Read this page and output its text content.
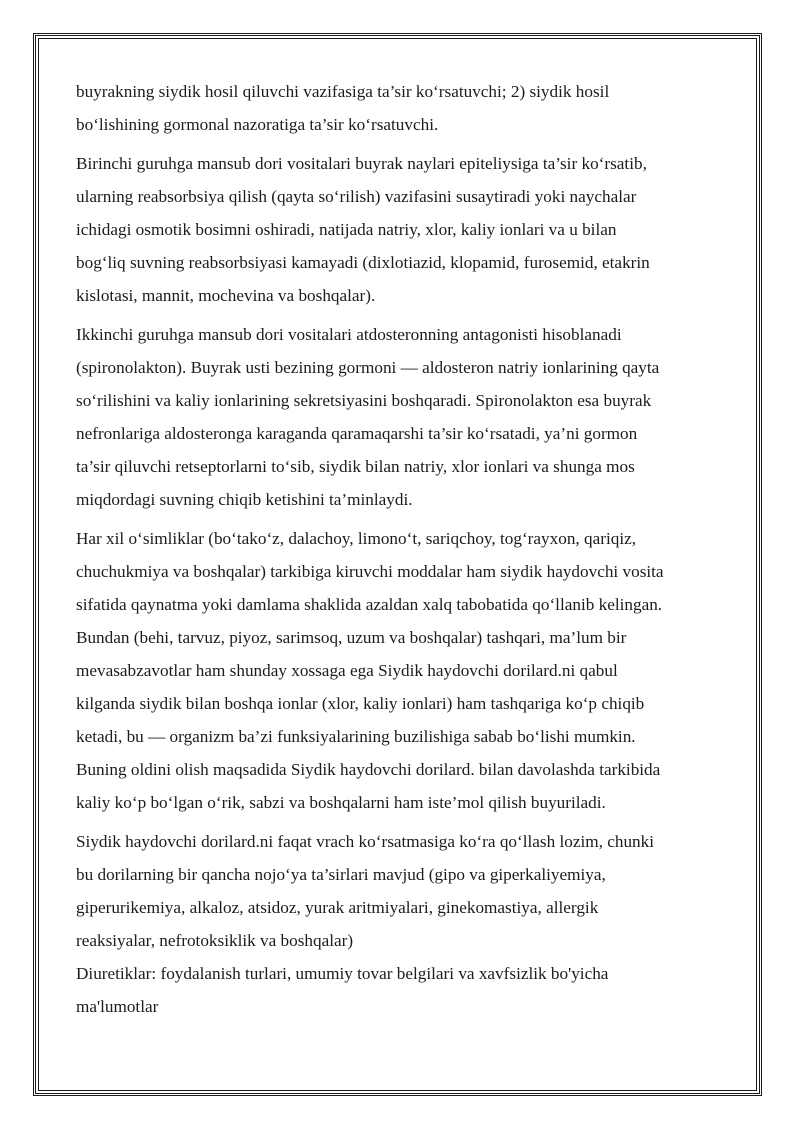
buyrakning siydik hosil qiluvchi vazifasiga ta’sir ko‘rsatuvchi; 2) siydik hosil
bo‘lishining gormonal nazoratiga ta’sir ko‘rsatuvchi.

Birinchi guruhga mansub dori vositalari buyrak naylari epiteliysiga ta’sir ko‘rsatib,
ularning reabsorbsiya qilish (qayta so‘rilish) vazifasini susaytiradi yoki naychalar
ichidagi osmotik bosimni oshiradi, natijada natriy, xlor, kaliy ionlari va u bilan
bog‘liq suvning reabsorbsiyasi kamayadi (dixlotiazid, klopamid, furosemid, etakrin
kislotasi, mannit, mochevina va boshqalar).

Ikkinchi guruhga mansub dori vositalari atdosteronning antagonisti hisoblanadi
(spironolakton). Buyrak usti bezining gormoni — aldosteron natriy ionlarining qayta
so‘rilishini va kaliy ionlarining sekretsiyasini boshqaradi. Spironolakton esa buyrak
nefronlariga aldosteronga karaganda qaramaqarshi ta’sir ko‘rsatadi, ya’ni gormon
ta’sir qiluvchi retseptorlarni to‘sib, siydik bilan natriy, xlor ionlari va shunga mos
miqdordagi suvning chiqib ketishini ta’minlaydi.

Har xil o‘simliklar (bo‘tako‘z, dalachoy, limono‘t, sariqchoy, tog‘rayxon, qariqiz,
chuchukmiya va boshqalar) tarkibiga kiruvchi moddalar ham siydik haydovchi vosita
sifatida qaynatma yoki damlama shaklida azaldan xalq tabobatida qo‘llanib kelingan.
Bundan (behi, tarvuz, piyoz, sarimsoq, uzum va boshqalar) tashqari, ma’lum bir
mevasabzavotlar ham shunday xossaga ega Siydik haydovchi dorilard.ni qabul
kilganda siydik bilan boshqa ionlar (xlor, kaliy ionlari) ham tashqariga ko‘p chiqib
ketadi, bu — organizm ba’zi funksiyalarining buzilishiga sabab bo‘lishi mumkin.
Buning oldini olish maqsadida Siydik haydovchi dorilard. bilan davolashda tarkibida
kaliy ko‘p bo‘lgan o‘rik, sabzi va boshqalarni ham iste’mol qilish buyuriladi.

Siydik haydovchi dorilard.ni faqat vrach ko‘rsatmasiga ko‘ra qo‘llash lozim, chunki
bu dorilarning bir qancha nojo‘ya ta’sirlari mavjud (gipo va giperkaliyemiya,
giperurikemiya, alkaloz, atsidoz, yurak aritmiyalari, ginekomastiya, allergik
reaksiyalar, nefrotoksiklik va boshqalar)

Diuretiklar: foydalanish turlari, umumiy tovar belgilari va xavfsizlik bo'yicha
ma'lumotlar
